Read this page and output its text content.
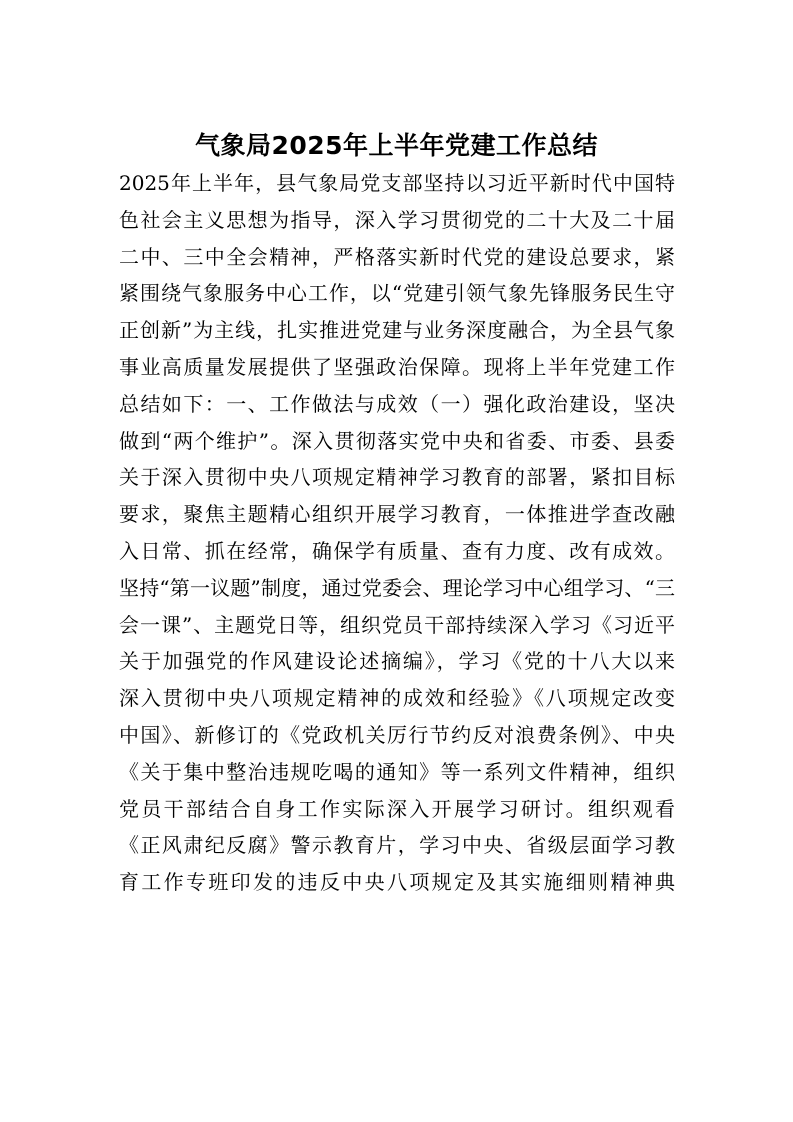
气象局2025年上半年党建工作总结
2025年上半年，县气象局党支部坚持以习近平新时代中国特
色社会主义思想为指导，深入学习贯彻党的二十大及二十届
二中、三中全会精神，严格落实新时代党的建设总要求，紧
紧围绕气象服务中心工作，以“党建引领气象先锋服务民生守
正创新”为主线，扎实推进党建与业务深度融合，为全县气象
事业高质量发展提供了坚强政治保障。现将上半年党建工作
总结如下：一、工作做法与成效（一）强化政治建设，坚决
做到“两个维护”。深入贯彻落实党中央和省委、市委、县委
关于深入贯彻中央八项规定精神学习教育的部署，紧扣目标
要求，聚焦主题精心组织开展学习教育，一体推进学查改融
入日常、抓在经常，确保学有质量、查有力度、改有成效。
坚持“第一议题”制度，通过党委会、理论学习中心组学习、“三
会一课”、主题党日等，组织党员干部持续深入学习《习近平
关于加强党的作风建设论述摘编》，学习《党的十八大以来
深入贯彻中央八项规定精神的成效和经验》《八项规定改变
中国》、新修订的《党政机关厉行节约反对浪费条例》、中央
《关于集中整治违规吃喝的通知》等一系列文件精神，组织
党员干部结合自身工作实际深入开展学习研讨。组织观看
《正风肃纪反腐》警示教育片，学习中央、省级层面学习教
育工作专班印发的违反中央八项规定及其实施细则精神典
